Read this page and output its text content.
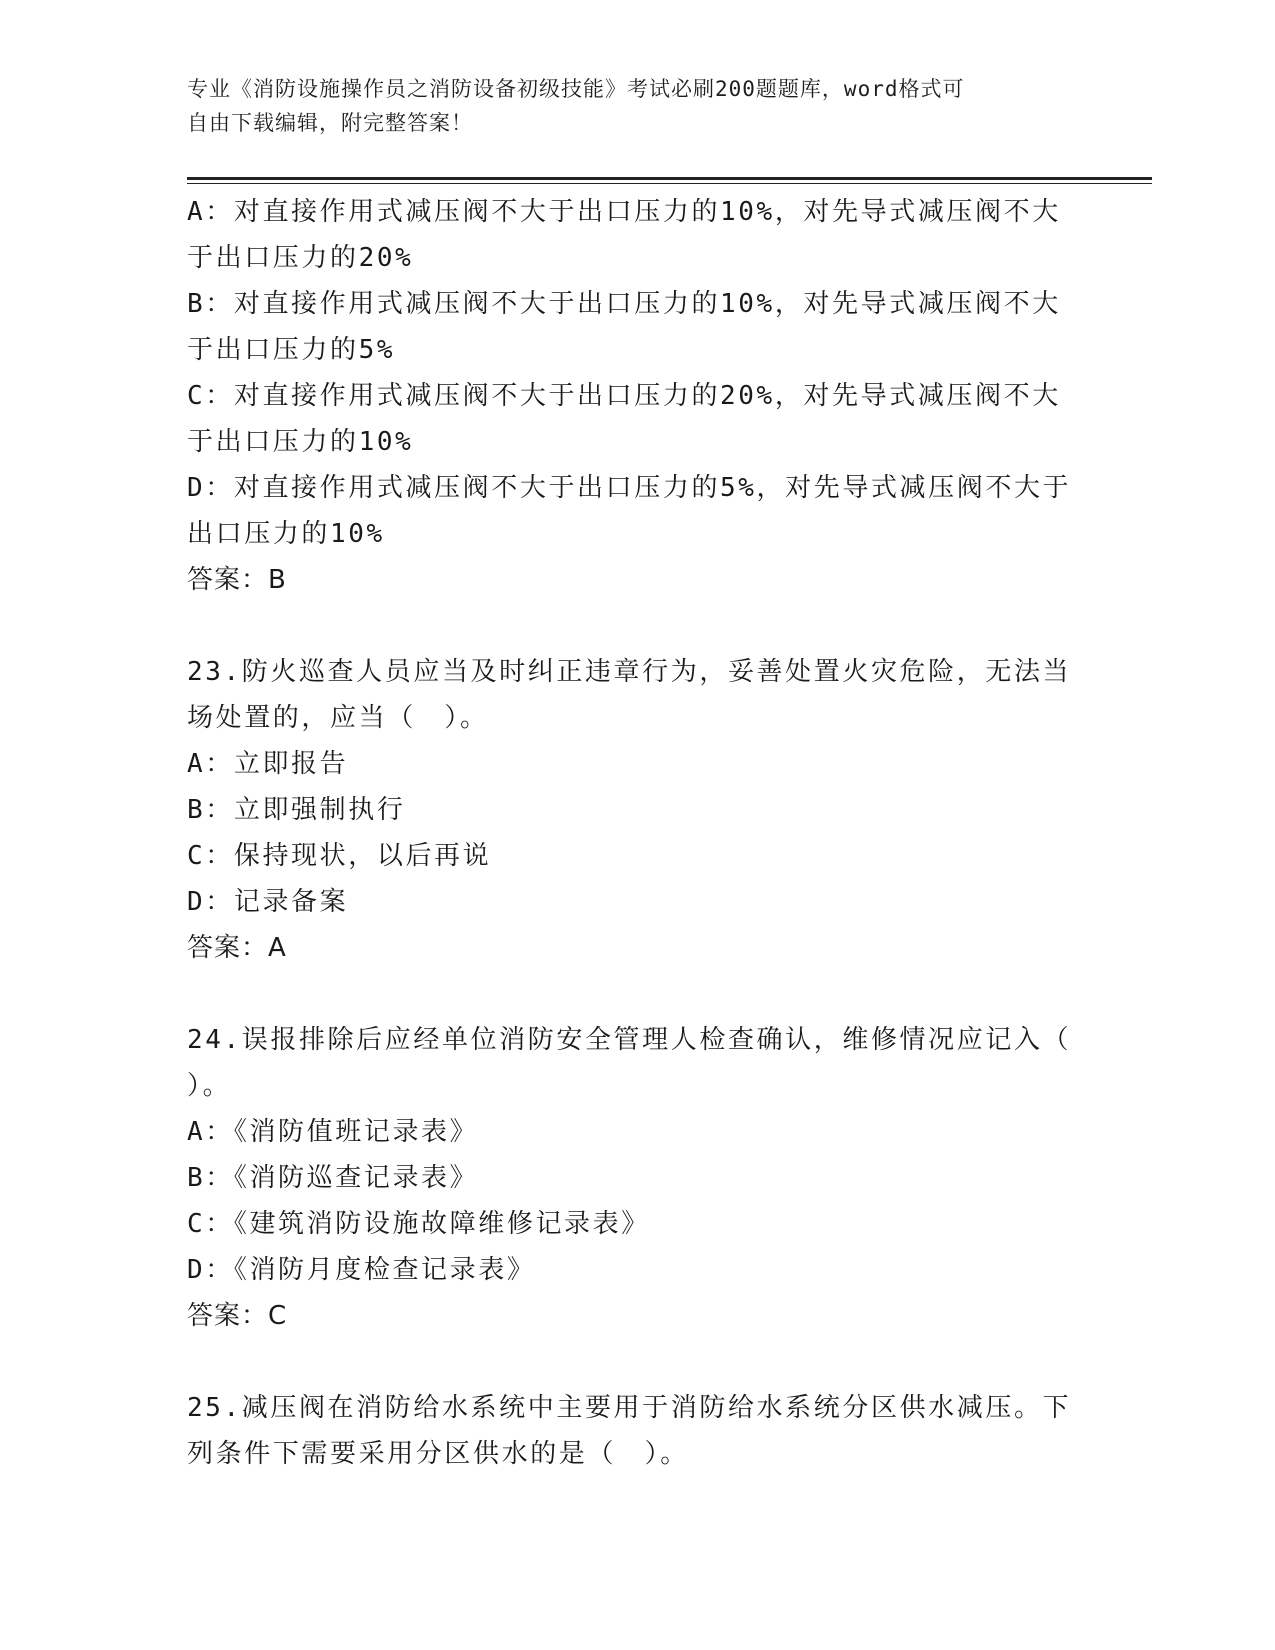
专业《消防设施操作员之消防设备初级技能》考试必刷200题题库，word格式可
自由下载编辑，附完整答案！
A：对直接作用式减压阀不大于出口压力的10%，对先导式减压阀不大
于出口压力的20%
B：对直接作用式减压阀不大于出口压力的10%，对先导式减压阀不大
于出口压力的5%
C：对直接作用式减压阀不大于出口压力的20%，对先导式减压阀不大
于出口压力的10%
D：对直接作用式减压阀不大于出口压力的5%，对先导式减压阀不大于
出口压力的10%
答案：B
23.防火巡查人员应当及时纠正违章行为，妥善处置火灾危险，无法当
场处置的，应当（　）。
A：立即报告
B：立即强制执行
C：保持现状，以后再说
D：记录备案
答案：A
24.误报排除后应经单位消防安全管理人检查确认，维修情况应记入（
）。
A：《消防值班记录表》
B：《消防巡查记录表》
C：《建筑消防设施故障维修记录表》
D：《消防月度检查记录表》
答案：C
25.减压阀在消防给水系统中主要用于消防给水系统分区供水减压。下
列条件下需要采用分区供水的是（　）。
